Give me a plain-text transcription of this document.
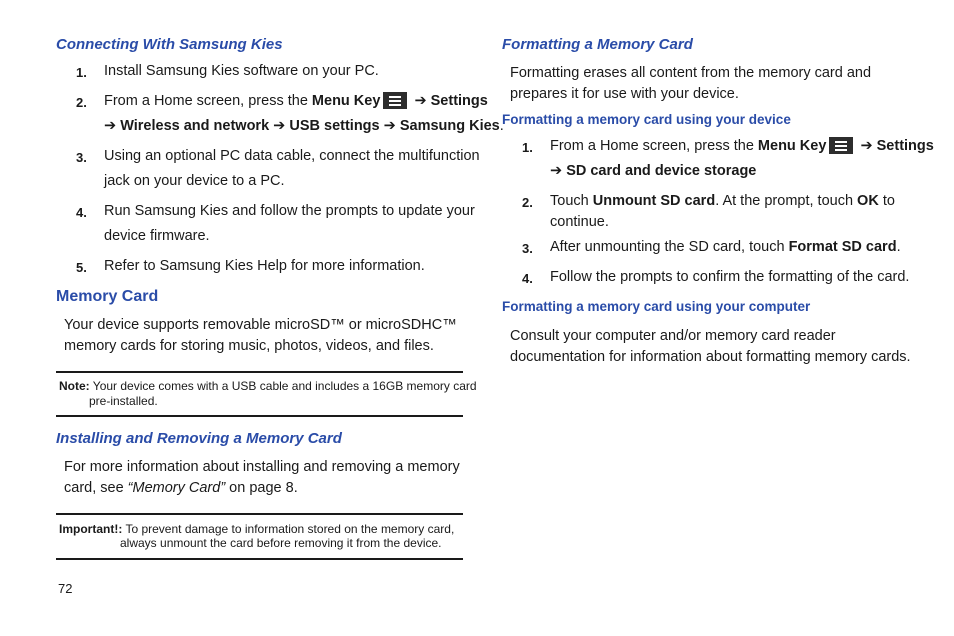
Connecting With Samsung Kies
1. Install Samsung Kies software on your PC.
2. From a Home screen, press the Menu Key ➔ Settings
➔ Wireless and network ➔ USB settings ➔ Samsung Kies.
3. Using an optional PC data cable, connect the multifunction
jack on your device to a PC.
4. Run Samsung Kies and follow the prompts to update your
device firmware.
5. Refer to Samsung Kies Help for more information.
Memory Card
Your device supports removable microSD™ or microSDHC™
memory cards for storing music, photos, videos, and files.
Note: Your device comes with a USB cable and includes a 16GB memory card
pre-installed.
Installing and Removing a Memory Card
For more information about installing and removing a memory
card, see “Memory Card” on page 8.
Important!: To prevent damage to information stored on the memory card,
always unmount the card before removing it from the device.
72
Formatting a Memory Card
Formatting erases all content from the memory card and
prepares it for use with your device.
Formatting a memory card using your device
1. From a Home screen, press the Menu Key ➔ Settings
➔ SD card and device storage
2. Touch Unmount SD card. At the prompt, touch OK to
continue.
3. After unmounting the SD card, touch Format SD card.
4. Follow the prompts to confirm the formatting of the card.
Formatting a memory card using your computer
Consult your computer and/or memory card reader
documentation for information about formatting memory cards.
